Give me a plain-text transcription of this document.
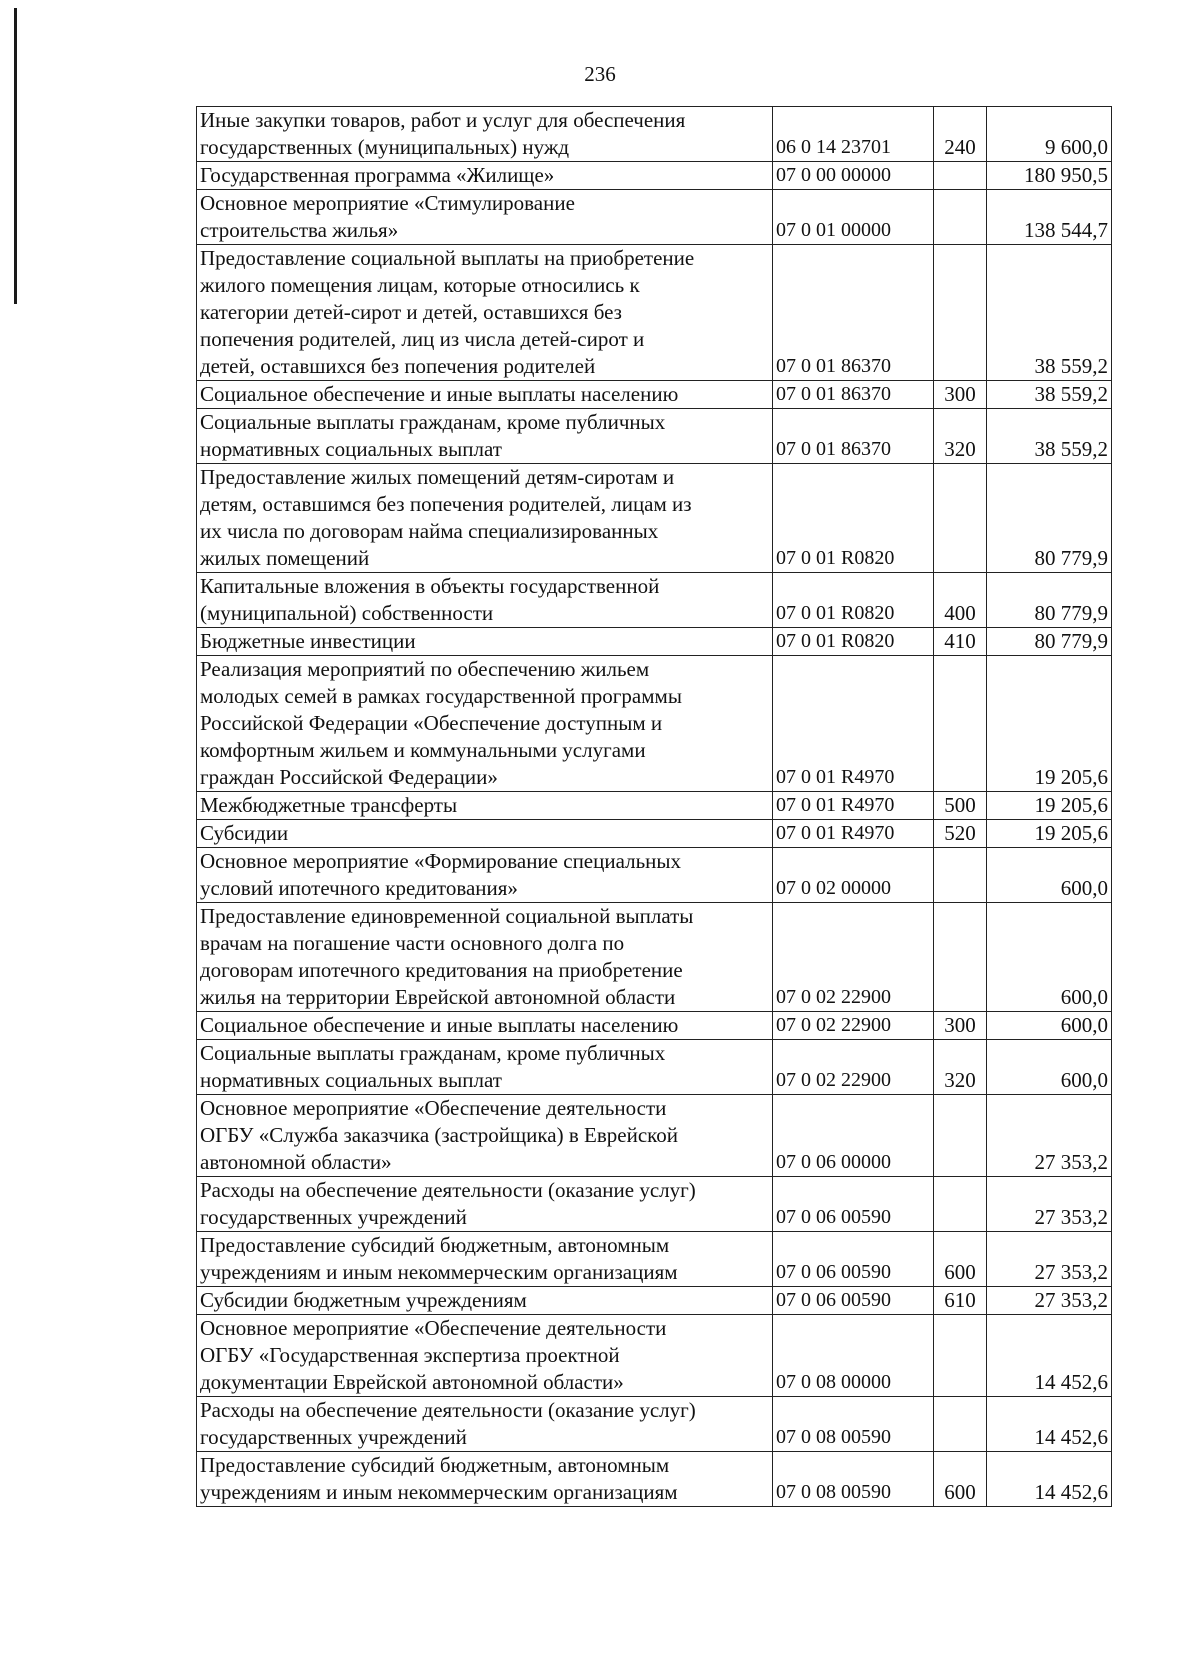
236
Иные закупки товаров, работ и услуг для обеспечения
государственных (муниципальных) нужд	06 0 14 23701	240	9 600,0

Государственная программа «Жилище»	07 0 00 00000		180 950,5

Основное мероприятие «Стимулирование
строительства жилья»	07 0 01 00000		138 544,7

Предоставление социальной выплаты на приобретение
жилого помещения лицам, которые относились к
категории детей-сирот и детей, оставшихся без
попечения родителей, лиц из числа детей-сирот и
детей, оставшихся без попечения родителей	07 0 01 86370		38 559,2

Социальное обеспечение и иные выплаты населению	07 0 01 86370	300	38 559,2

Социальные выплаты гражданам, кроме публичных
нормативных социальных выплат	07 0 01 86370	320	38 559,2

Предоставление жилых помещений детям-сиротам и
детям, оставшимся без попечения родителей, лицам из
их числа по договорам найма специализированных
жилых помещений	07 0 01 R0820		80 779,9

Капитальные вложения в объекты государственной
(муниципальной) собственности	07 0 01 R0820	400	80 779,9

Бюджетные инвестиции	07 0 01 R0820	410	80 779,9

Реализация мероприятий по обеспечению жильем
молодых семей в рамках государственной программы
Российской Федерации «Обеспечение доступным и
комфортным жильем и коммунальными услугами
граждан Российской Федерации»	07 0 01 R4970		19 205,6

Межбюджетные трансферты	07 0 01 R4970	500	19 205,6

Субсидии	07 0 01 R4970	520	19 205,6

Основное мероприятие «Формирование специальных
условий ипотечного кредитования»	07 0 02 00000		600,0

Предоставление единовременной социальной выплаты
врачам на погашение части основного долга по
договорам ипотечного кредитования на приобретение
жилья на территории Еврейской автономной области	07 0 02 22900		600,0

Социальное обеспечение и иные выплаты населению	07 0 02 22900	300	600,0

Социальные выплаты гражданам, кроме публичных
нормативных социальных выплат	07 0 02 22900	320	600,0

Основное мероприятие «Обеспечение деятельности
ОГБУ «Служба заказчика (застройщика) в Еврейской
автономной области»	07 0 06 00000		27 353,2

Расходы на обеспечение деятельности (оказание услуг)
государственных учреждений	07 0 06 00590		27 353,2

Предоставление субсидий бюджетным, автономным
учреждениям и иным некоммерческим организациям	07 0 06 00590	600	27 353,2

Субсидии бюджетным учреждениям	07 0 06 00590	610	27 353,2

Основное мероприятие «Обеспечение деятельности
ОГБУ «Государственная экспертиза проектной
документации Еврейской автономной области»	07 0 08 00000		14 452,6

Расходы на обеспечение деятельности (оказание услуг)
государственных учреждений	07 0 08 00590		14 452,6

Предоставление субсидий бюджетным, автономным
учреждениям и иным некоммерческим организациям	07 0 08 00590	600	14 452,6
